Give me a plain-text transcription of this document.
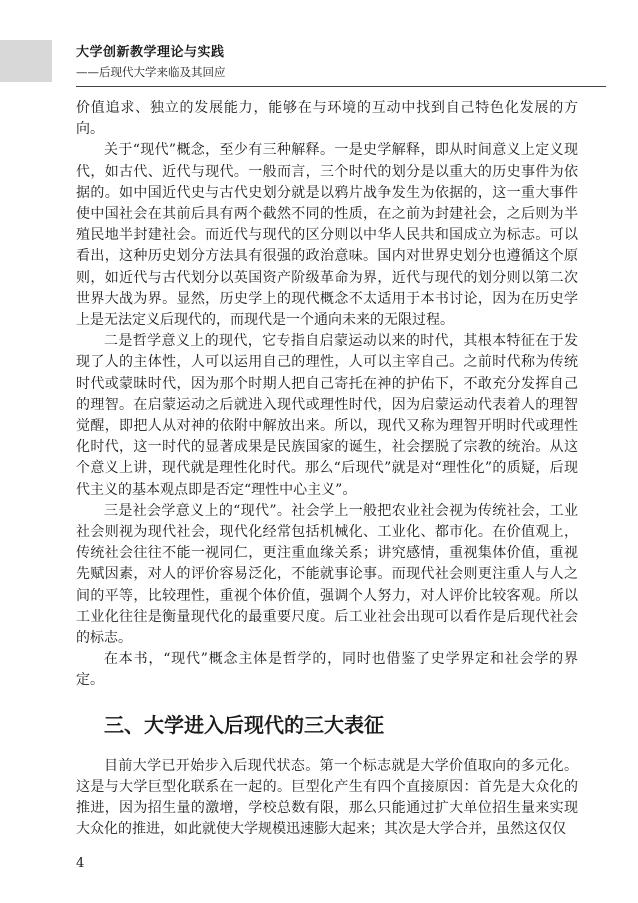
大学创新教学理论与实践
——后现代大学来临及其回应

价值追求、独立的发展能力，能够在与环境的互动中找到自己特色化发展的方向。

关于“现代”概念，至少有三种解释。一是史学解释，即从时间意义上定义现代，如古代、近代与现代。一般而言，三个时代的划分是以重大的历史事件为依据的。如中国近代史与古代史划分就是以鸦片战争发生为依据的，这一重大事件使中国社会在其前后具有两个截然不同的性质，在之前为封建社会，之后则为半殖民地半封建社会。而近代与现代的区分则以中华人民共和国成立为标志。可以看出，这种历史划分方法具有很强的政治意味。国内对世界史划分也遵循这个原则，如近代与古代划分以英国资产阶级革命为界，近代与现代的划分则以第二次世界大战为界。显然，历史学上的现代概念不太适用于本书讨论，因为在历史学上是无法定义后现代的，而现代是一个通向未来的无限过程。

二是哲学意义上的现代，它专指自启蒙运动以来的时代，其根本特征在于发现了人的主体性，人可以运用自己的理性，人可以主宰自己。之前时代称为传统时代或蒙昧时代，因为那个时期人把自己寄托在神的护佑下，不敢充分发挥自己的理智。在启蒙运动之后就进入现代或理性时代，因为启蒙运动代表着人的理智觉醒，即把人从对神的依附中解放出来。所以，现代又称为理智开明时代或理性化时代，这一时代的显著成果是民族国家的诞生，社会摆脱了宗教的统治。从这个意义上讲，现代就是理性化时代。那么“后现代”就是对“理性化”的质疑，后现代主义的基本观点即是否定“理性中心主义”。

三是社会学意义上的“现代”。社会学上一般把农业社会视为传统社会，工业社会则视为现代社会，现代化经常包括机械化、工业化、都市化。在价值观上，传统社会往往不能一视同仁，更注重血缘关系；讲究感情，重视集体价值，重视先赋因素，对人的评价容易泛化，不能就事论事。而现代社会则更注重人与人之间的平等，比较理性，重视个体价值，强调个人努力，对人评价比较客观。所以工业化往往是衡量现代化的最重要尺度。后工业社会出现可以看作是后现代社会的标志。

在本书，“现代”概念主体是哲学的，同时也借鉴了史学界定和社会学的界定。

三、大学进入后现代的三大表征

目前大学已开始步入后现代状态。第一个标志就是大学价值取向的多元化。这是与大学巨型化联系在一起的。巨型化产生有四个直接原因：首先是大众化的推进，因为招生量的激增，学校总数有限，那么只能通过扩大单位招生量来实现大众化的推进，如此就使大学规模迅速膨大起来；其次是大学合并，虽然这仅仅

4
